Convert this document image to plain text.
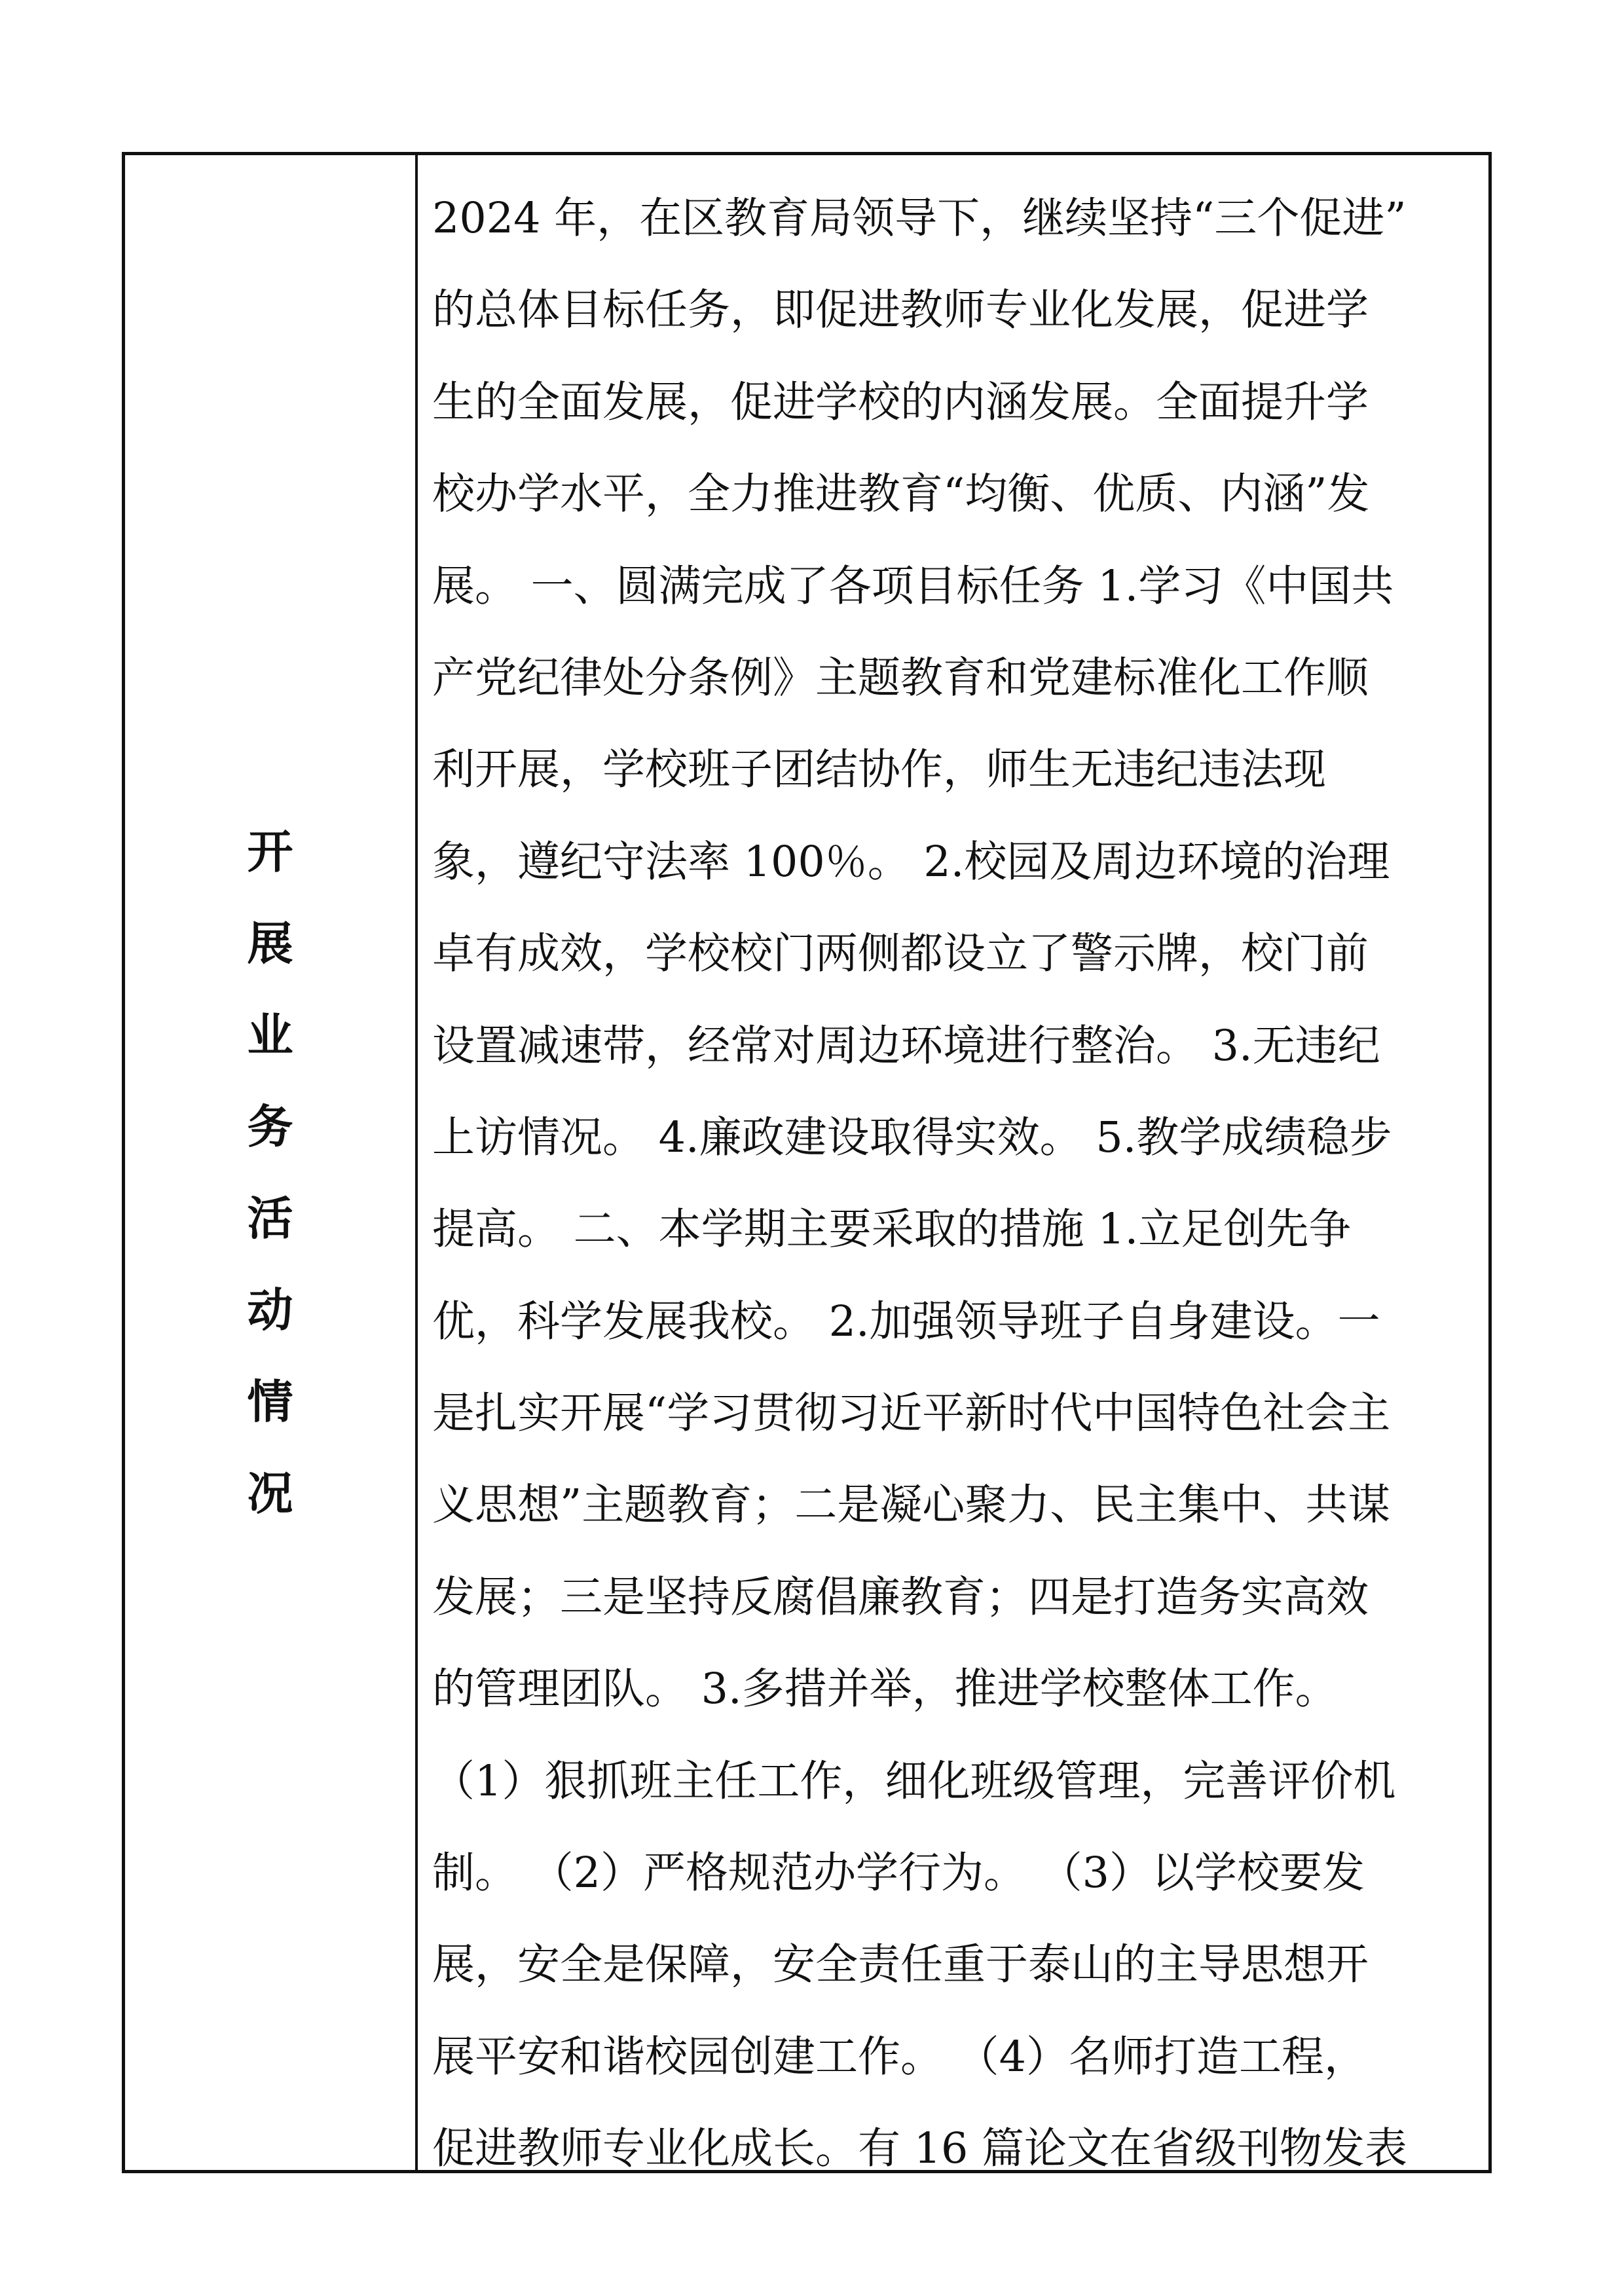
开
展
业
务
活
动
情
况
2024 年，在区教育局领导下，继续坚持“三个促进”
的总体目标任务，即促进教师专业化发展，促进学
生的全面发展，促进学校的内涵发展。全面提升学
校办学水平，全力推进教育“均衡、优质、内涵”发
展。 一、圆满完成了各项目标任务 1.学习《中国共
产党纪律处分条例》主题教育和党建标准化工作顺
利开展，学校班子团结协作，师生无违纪违法现
象，遵纪守法率 100％。 2.校园及周边环境的治理
卓有成效，学校校门两侧都设立了警示牌，校门前
设置减速带，经常对周边环境进行整治。 3.无违纪
上访情况。 4.廉政建设取得实效。 5.教学成绩稳步
提高。 二、本学期主要采取的措施 1.立足创先争
优，科学发展我校。 2.加强领导班子自身建设。一
是扎实开展“学习贯彻习近平新时代中国特色社会主
义思想”主题教育；二是凝心聚力、民主集中、共谋
发展；三是坚持反腐倡廉教育；四是打造务实高效
的管理团队。 3.多措并举，推进学校整体工作。
（1）狠抓班主任工作，细化班级管理，完善评价机
制。 （2）严格规范办学行为。 （3）以学校要发
展，安全是保障，安全责任重于泰山的主导思想开
展平安和谐校园创建工作。 （4）名师打造工程，
促进教师专业化成长。有 16 篇论文在省级刊物发表
